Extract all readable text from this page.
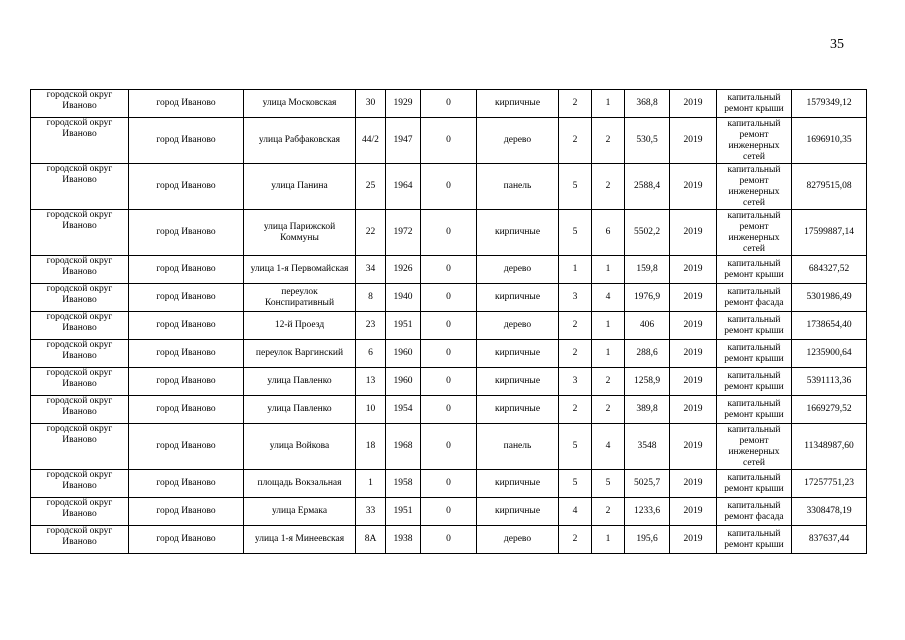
35
городской округ Иваново	город Иваново	улица Московская	30	1929	0	кирпичные	2	1	368,8	2019	капитальный ремонт крыши	1579349,12
городской округ Иваново	город Иваново	улица Рабфаковская	44/2	1947	0	дерево	2	2	530,5	2019	капитальный ремонт инженерных сетей	1696910,35
городской округ Иваново	город Иваново	улица Панина	25	1964	0	панель	5	2	2588,4	2019	капитальный ремонт инженерных сетей	8279515,08
городской округ Иваново	город Иваново	улица Парижской Коммуны	22	1972	0	кирпичные	5	6	5502,2	2019	капитальный ремонт инженерных сетей	17599887,14
городской округ Иваново	город Иваново	улица 1-я Первомайская	34	1926	0	дерево	1	1	159,8	2019	капитальный ремонт крыши	684327,52
городской округ Иваново	город Иваново	переулок Конспиративный	8	1940	0	кирпичные	3	4	1976,9	2019	капитальный ремонт фасада	5301986,49
городской округ Иваново	город Иваново	12-й Проезд	23	1951	0	дерево	2	1	406	2019	капитальный ремонт крыши	1738654,40
городской округ Иваново	город Иваново	переулок Варгинский	6	1960	0	кирпичные	2	1	288,6	2019	капитальный ремонт крыши	1235900,64
городской округ Иваново	город Иваново	улица Павленко	13	1960	0	кирпичные	3	2	1258,9	2019	капитальный ремонт крыши	5391113,36
городской округ Иваново	город Иваново	улица Павленко	10	1954	0	кирпичные	2	2	389,8	2019	капитальный ремонт крыши	1669279,52
городской округ Иваново	город Иваново	улица Войкова	18	1968	0	панель	5	4	3548	2019	капитальный ремонт инженерных сетей	11348987,60
городской округ Иваново	город Иваново	площадь Вокзальная	1	1958	0	кирпичные	5	5	5025,7	2019	капитальный ремонт крыши	17257751,23
городской округ Иваново	город Иваново	улица Ермака	33	1951	0	кирпичные	4	2	1233,6	2019	капитальный ремонт фасада	3308478,19
городской округ Иваново	город Иваново	улица 1-я Минеевская	8А	1938	0	дерево	2	1	195,6	2019	капитальный ремонт крыши	837637,44
